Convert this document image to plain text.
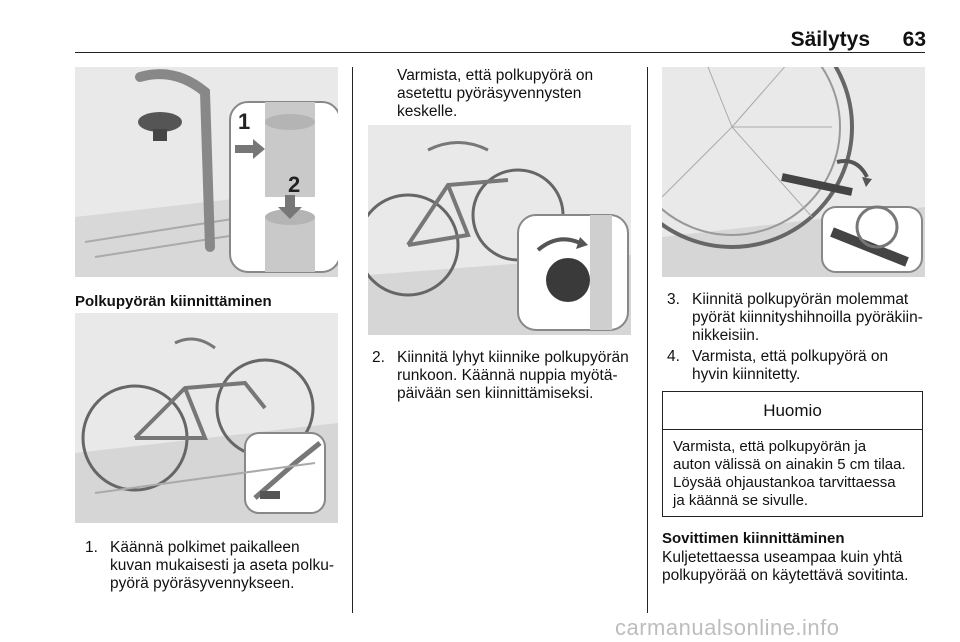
Säilytys	63
1
2
Polkupyörän kiinnittäminen
1. Käännä polkimet paikalleen
kuvan mukaisesti ja aseta polku-
pyörä pyöräsyvennykseen.
Varmista, että polkupyörä on
asetettu pyöräsyvennysten
keskelle.
2. Kiinnitä lyhyt kiinnike polkupyörän
runkoon. Käännä nuppia myötä-
päivään sen kiinnittämiseksi.
3. Kiinnitä polkupyörän molemmat
pyörät kiinnityshihnoilla pyöräkiin-
nikkeisiin.
4. Varmista, että polkupyörä on
hyvin kiinnitetty.
Huomio
Varmista, että polkupyörän ja
auton välissä on ainakin 5 cm tilaa.
Löysää ohjaustankoa tarvittaessa
ja käännä se sivulle.
Sovittimen kiinnittäminen
Kuljetettaessa useampaa kuin yhtä
polkupyörää on käytettävä sovitinta.
carmanualsonline.info
